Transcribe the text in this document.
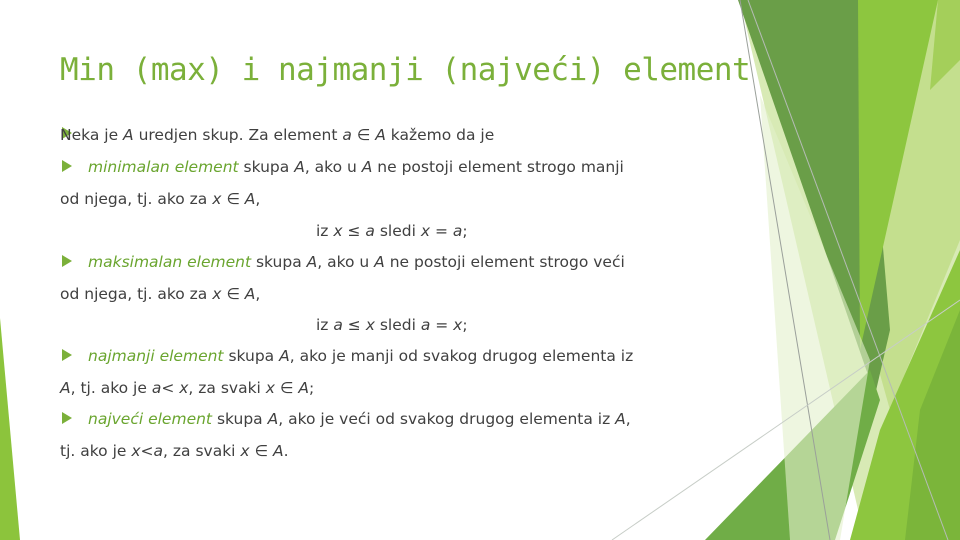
Min (max) i najmanji (najveći) element
Neka je A uredjen skup. Za element a ∈ A kažemo da je
minimalan element skupa A, ako u A ne postoji element strogo manji
od njega, tj. ako za x ∈ A,
iz x ≤ a sledi x = a;
maksimalan element skupa A, ako u A ne postoji element strogo veći
od njega, tj. ako za x ∈ A,
iz a ≤ x sledi a = x;
najmanji element skupa A, ako je manji od svakog drugog elementa iz
A, tj. ako je a< x, za svaki x ∈ A;
najveći element skupa A, ako je veći od svakog drugog elementa iz A,
tj. ako je x<a, za svaki x ∈ A.
